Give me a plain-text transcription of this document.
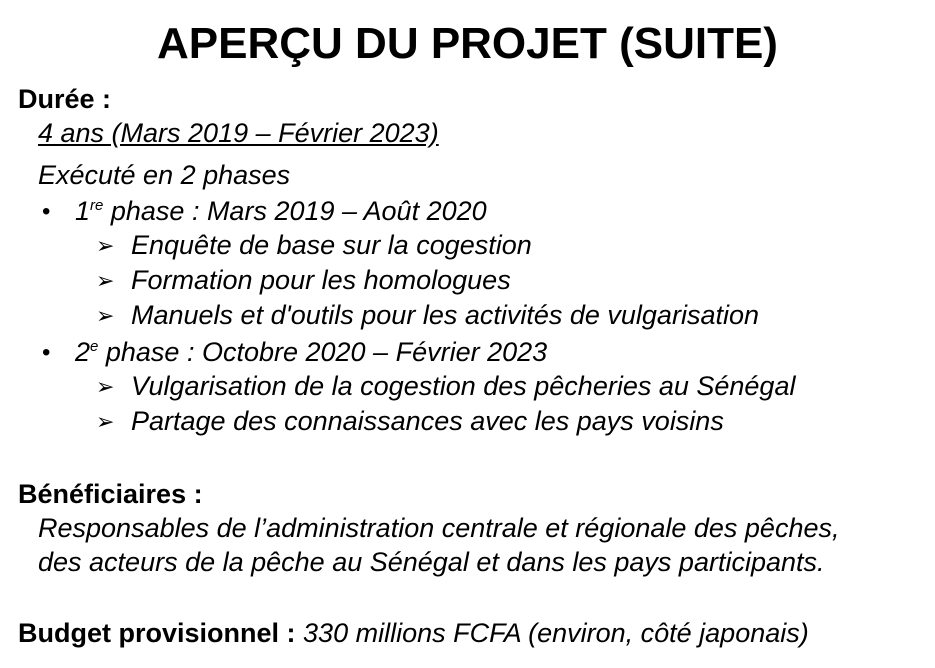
APERÇU DU PROJET (SUITE)
Durée :
4 ans (Mars 2019 – Février 2023)
Exécuté en 2 phases
• 1re phase : Mars 2019 – Août 2020
➢ Enquête de base sur la cogestion
➢ Formation pour les homologues
➢ Manuels et d'outils pour les activités de vulgarisation
• 2e phase : Octobre 2020 – Février 2023
➢ Vulgarisation de la cogestion des pêcheries au Sénégal
➢ Partage des connaissances avec les pays voisins
Bénéficiaires :
Responsables de l’administration centrale et régionale des pêches,
des acteurs de la pêche au Sénégal et dans les pays participants.
Budget provisionnel : 330 millions FCFA (environ, côté japonais)
